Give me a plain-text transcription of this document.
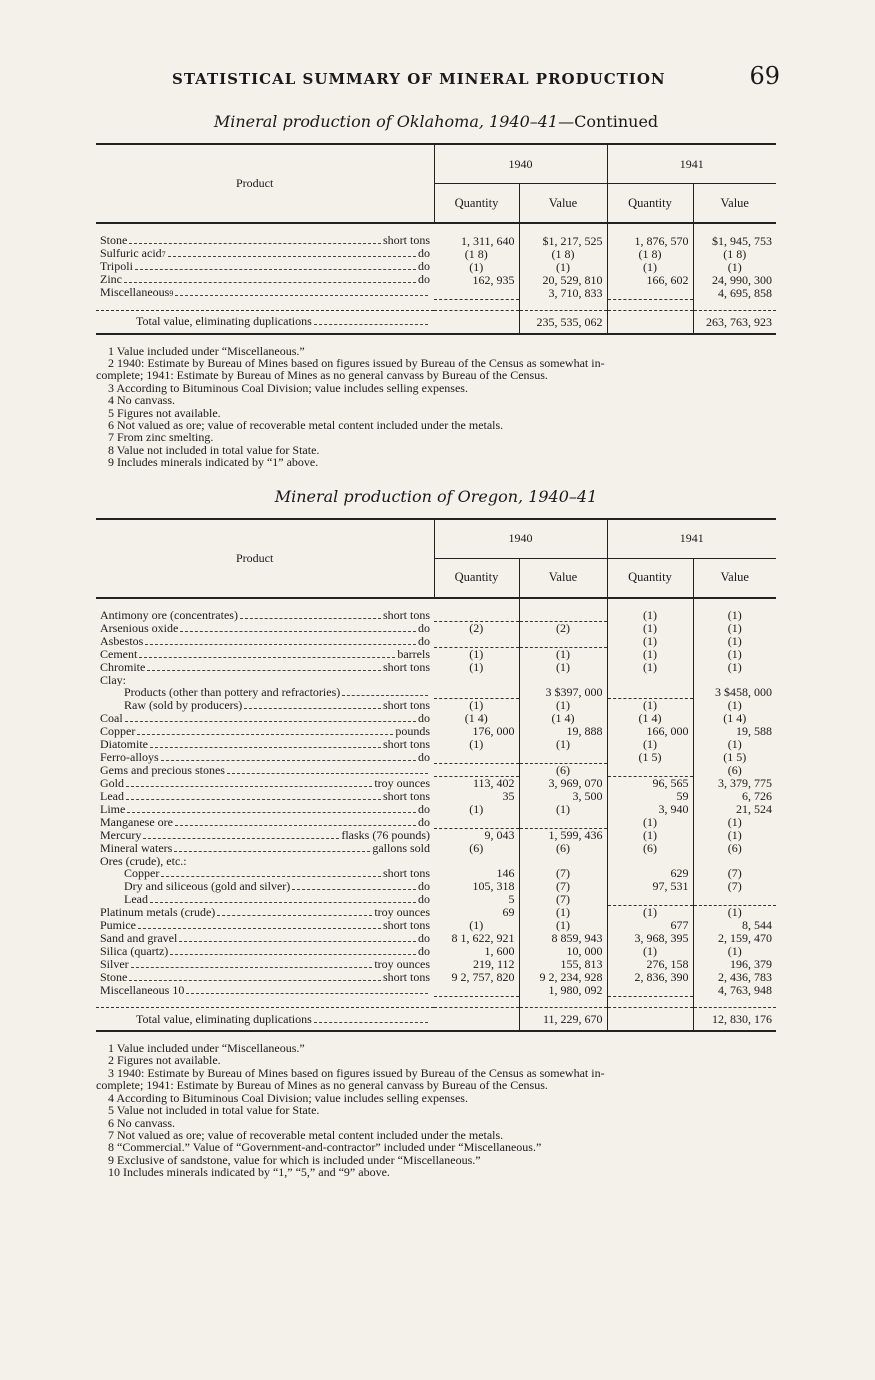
STATISTICAL SUMMARY OF MINERAL PRODUCTION	69
Mineral production of Oklahoma, 1940–41—Continued
Product	1940		1941	
	Quantity	Value	Quantity	Value

Stone short tons	1, 311, 640	$1, 217, 525	1, 876, 570	$1, 945, 753

Sulfuric acid 7 do	(1 8)	(1 8)	(1 8)	(1 8)

Tripoli do	(1)	(1)	(1)	(1)

Zinc do	162, 935	20, 529, 810	166, 602	24, 990, 300

Miscellaneous 9		3, 710, 833		4, 695, 858

Total value, eliminating duplications		235, 535, 062		263, 763, 923

1 Value included under “Miscellaneous.”

2 1940: Estimate by Bureau of Mines based on figures issued by Bureau of the Census as somewhat in-

complete; 1941: Estimate by Bureau of Mines as no general canvass by Bureau of the Census.

3 According to Bituminous Coal Division; value includes selling expenses.

4 No canvass.

5 Figures not available.

6 Not valued as ore; value of recoverable metal content included under the metals.

7 From zinc smelting.

8 Value not included in total value for State.

9 Includes minerals indicated by “1” above.

Mineral production of Oregon, 1940–41
Product	1940		1941	
	Quantity	Value	Quantity	Value

Antimony ore (concentrates) short tons			(1)	(1)

Arsenious oxide do	(2)	(2)	(1)	(1)

Asbestos do			(1)	(1)

Cement barrels	(1)	(1)	(1)	(1)

Chromite short tons	(1)	(1)	(1)	(1)

Clay:				

Products (other than pottery and refractories)		3 $397, 000		3 $458, 000

Raw (sold by producers) short tons	(1)	(1)	(1)	(1)

Coal do	(1 4)	(1 4)	(1 4)	(1 4)

Copper pounds	176, 000	19, 888	166, 000	19, 588

Diatomite short tons	(1)	(1)	(1)	(1)

Ferro-alloys do			(1 5)	(1 5)

Gems and precious stones		(6)		(6)

Gold troy ounces	113, 402	3, 969, 070	96, 565	3, 379, 775

Lead short tons	35	3, 500	59	6, 726

Lime do	(1)	(1)	3, 940	21, 524

Manganese ore do			(1)	(1)

Mercury flasks (76 pounds)	9, 043	1, 599, 436	(1)	(1)

Mineral waters gallons sold	(6)	(6)	(6)	(6)

Ores (crude), etc.:				

Copper short tons	146	(7)	629	(7)

Dry and siliceous (gold and silver) do	105, 318	(7)	97, 531	(7)

Lead do	5	(7)		

Platinum metals (crude) troy ounces	69	(1)	(1)	(1)

Pumice short tons	(1)	(1)	677	8, 544

Sand and gravel do	8 1, 622, 921	8 859, 943	3, 968, 395	2, 159, 470

Silica (quartz) do	1, 600	10, 000	(1)	(1)

Silver troy ounces	219, 112	155, 813	276, 158	196, 379

Stone short tons	9 2, 757, 820	9 2, 234, 928	2, 836, 390	2, 436, 783

Miscellaneous 10		1, 980, 092		4, 763, 948

Total value, eliminating duplications		11, 229, 670		12, 830, 176

1 Value included under “Miscellaneous.”

2 Figures not available.

3 1940: Estimate by Bureau of Mines based on figures issued by Bureau of the Census as somewhat in-

complete; 1941: Estimate by Bureau of Mines as no general canvass by Bureau of the Census.

4 According to Bituminous Coal Division; value includes selling expenses.

5 Value not included in total value for State.

6 No canvass.

7 Not valued as ore; value of recoverable metal content included under the metals.

8 “Commercial.” Value of “Government-and-contractor” included under “Miscellaneous.”

9 Exclusive of sandstone, value for which is included under “Miscellaneous.”

10 Includes minerals indicated by “1,” “5,” and “9” above.
